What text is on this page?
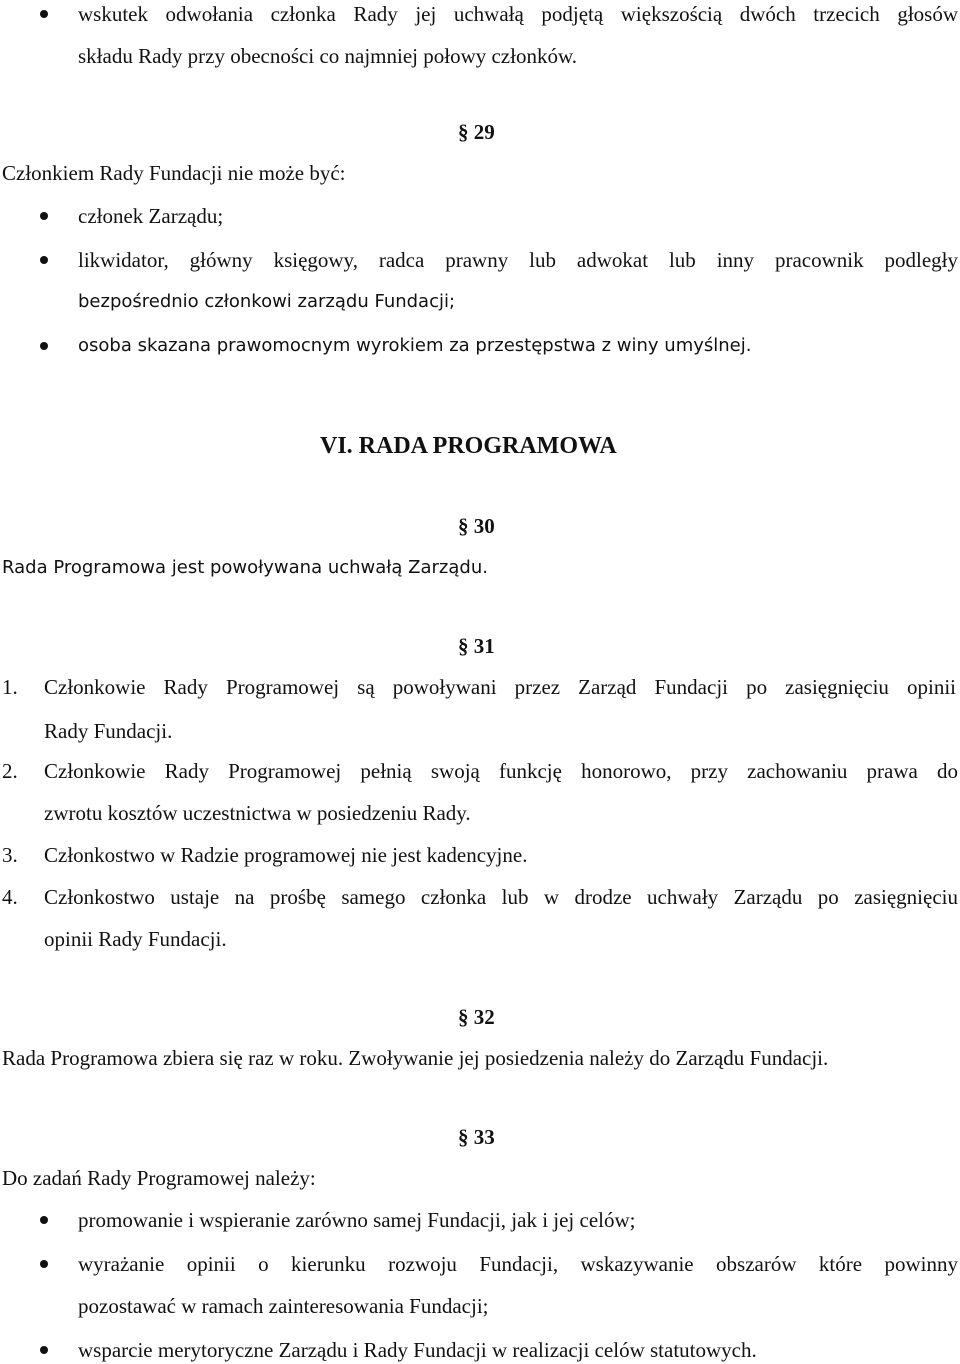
wskutek odwołania członka Rady jej uchwałą podjętą większością dwóch trzecich głosów
składu Rady przy obecności co najmniej połowy członków.
§ 29
Członkiem Rady Fundacji nie może być:
członek Zarządu;
likwidator, główny księgowy, radca prawny lub adwokat lub inny pracownik podległy
bezpośrednio członkowi zarządu Fundacji;
osoba skazana prawomocnym wyrokiem za przestępstwa z winy umyślnej.
VI. RADA PROGRAMOWA
§ 30
Rada Programowa jest powoływana uchwałą Zarządu.
§ 31
1. Członkowie Rady Programowej są powoływani przez Zarząd Fundacji po zasięgnięciu opinii
Rady Fundacji.
2. Członkowie Rady Programowej pełnią swoją funkcję honorowo, przy zachowaniu prawa do
zwrotu kosztów uczestnictwa w posiedzeniu Rady.
3. Członkostwo w Radzie programowej nie jest kadencyjne.
4. Członkostwo ustaje na prośbę samego członka lub w drodze uchwały Zarządu po zasięgnięciu
opinii Rady Fundacji.
§ 32
Rada Programowa zbiera się raz w roku. Zwoływanie jej posiedzenia należy do Zarządu Fundacji.
§ 33
Do zadań Rady Programowej należy:
promowanie i wspieranie zarówno samej Fundacji, jak i jej celów;
wyrażanie opinii o kierunku rozwoju Fundacji, wskazywanie obszarów które powinny
pozostawać w ramach zainteresowania Fundacji;
wsparcie merytoryczne Zarządu i Rady Fundacji w realizacji celów statutowych.
